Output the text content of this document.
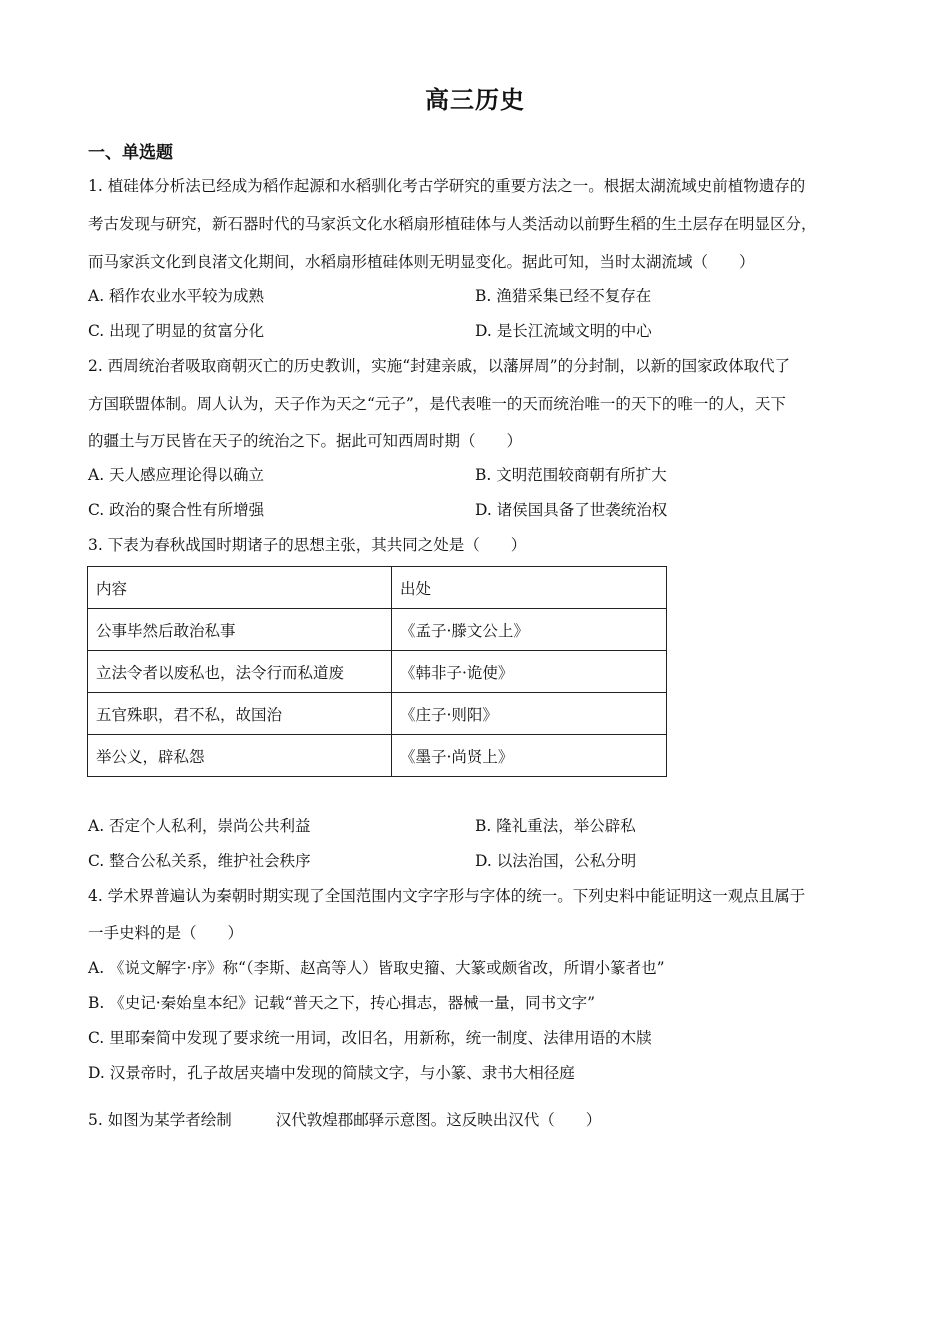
高三历史
一、单选题
1. 植硅体分析法已经成为稻作起源和水稻驯化考古学研究的重要方法之一。根据太湖流域史前植物遗存的
考古发现与研究，新石器时代的马家浜文化水稻扇形植硅体与人类活动以前野生稻的生土层存在明显区分，
而马家浜文化到良渚文化期间，水稻扇形植硅体则无明显变化。据此可知，当时太湖流域（　　）
A. 稻作农业水平较为成熟	B. 渔猎采集已经不复存在
C. 出现了明显的贫富分化	D. 是长江流域文明的中心
2. 西周统治者吸取商朝灭亡的历史教训，实施“封建亲戚，以藩屏周”的分封制，以新的国家政体取代了
方国联盟体制。周人认为，天子作为天之“元子”，是代表唯一的天而统治唯一的天下的唯一的人，天下
的疆土与万民皆在天子的统治之下。据此可知西周时期（　　）
A. 天人感应理论得以确立	B. 文明范围较商朝有所扩大
C. 政治的聚合性有所增强	D. 诸侯国具备了世袭统治权
3. 下表为春秋战国时期诸子的思想主张，其共同之处是（　　）
内容	出处
公事毕然后敢治私事	《孟子·滕文公上》
立法令者以废私也，法令行而私道废	《韩非子·诡使》
五官殊职，君不私，故国治	《庄子·则阳》
举公义，辟私怨	《墨子·尚贤上》
A. 否定个人私利，崇尚公共利益	B. 隆礼重法，举公辟私
C. 整合公私关系，维护社会秩序	D. 以法治国，公私分明
4. 学术界普遍认为秦朝时期实现了全国范围内文字字形与字体的统一。下列史料中能证明这一观点且属于
一手史料的是（　　）
A. 《说文解字·序》称“（李斯、赵高等人）皆取史籀、大篆或颇省改，所谓小篆者也”
B. 《史记·秦始皇本纪》记载“普天之下，抟心揖志，器械一量，同书文字”
C. 里耶秦简中发现了要求统一用词，改旧名，用新称，统一制度、法律用语的木牍
D. 汉景帝时，孔子故居夹墙中发现的简牍文字，与小篆、隶书大相径庭
5. 如图为某学者绘制	汉代敦煌郡邮驿示意图。这反映出汉代（　　）
